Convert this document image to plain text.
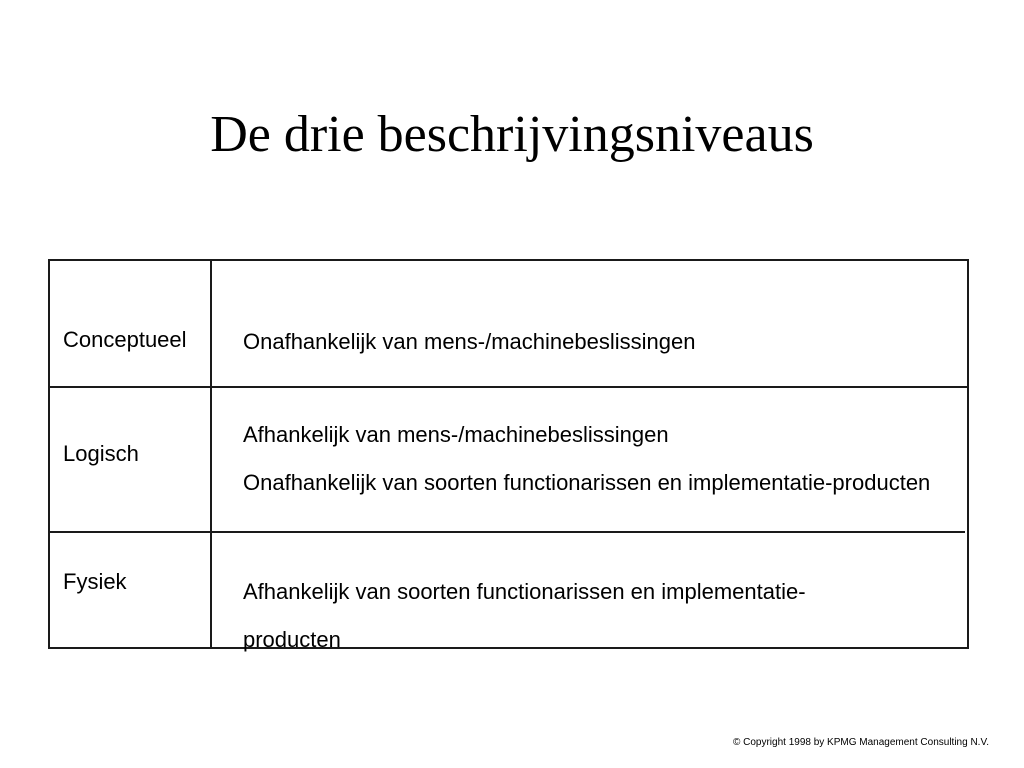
De drie beschrijvingsniveaus
Conceptueel	Onafhankelijk van mens-/machinebeslissingen
Logisch
Afhankelijk van mens-/machinebeslissingen
Onafhankelijk van soorten functionarissen en implementatie-producten
Fysiek	Afhankelijk van soorten functionarissen en implementatie-producten
© Copyright 1998 by KPMG Management Consulting N.V.
